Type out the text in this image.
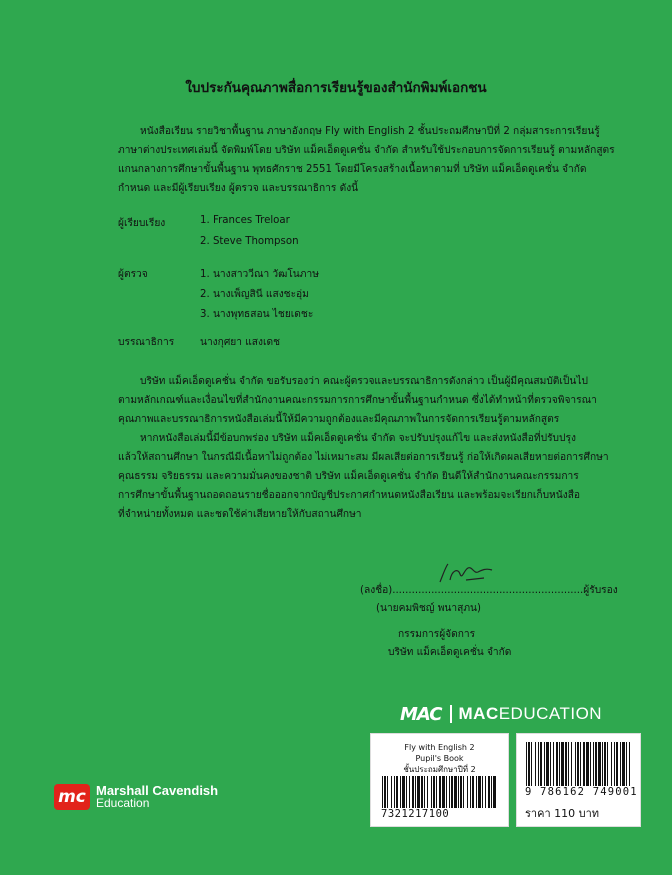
ใบประกันคุณภาพสื่อการเรียนรู้ของสำนักพิมพ์เอกชน
หนังสือเรียน รายวิชาพื้นฐาน ภาษาอังกฤษ Fly with English 2 ชั้นประถมศึกษาปีที่ 2 กลุ่มสาระการเรียนรู้
ภาษาต่างประเทศเล่มนี้ จัดพิมพ์โดย บริษัท แม็คเอ็ดดูเคชั่น จำกัด สำหรับใช้ประกอบการจัดการเรียนรู้ ตามหลักสูตร
แกนกลางการศึกษาขั้นพื้นฐาน พุทธศักราช 2551 โดยมีโครงสร้างเนื้อหาตามที่ บริษัท แม็คเอ็ดดูเคชั่น จำกัด
กำหนด และมีผู้เรียบเรียง ผู้ตรวจ และบรรณาธิการ ดังนี้
ผู้เรียบเรียง	1. Frances Treloar
2. Steve Thompson
ผู้ตรวจ	1. นางสาววีณา วัฒโนภาษ
2. นางเพ็ญสินี แสงชะอุ่ม
3. นางพุทธสอน ไชยเดชะ
บรรณาธิการ	นางกุศยา แสงเดช
บริษัท แม็คเอ็ดดูเคชั่น จำกัด ขอรับรองว่า คณะผู้ตรวจและบรรณาธิการดังกล่าว เป็นผู้มีคุณสมบัติเป็นไป
ตามหลักเกณฑ์และเงื่อนไขที่สำนักงานคณะกรรมการการศึกษาขั้นพื้นฐานกำหนด ซึ่งได้ทำหน้าที่ตรวจพิจารณา
คุณภาพและบรรณาธิการหนังสือเล่มนี้ให้มีความถูกต้องและมีคุณภาพในการจัดการเรียนรู้ตามหลักสูตร
หากหนังสือเล่มนี้มีข้อบกพร่อง บริษัท แม็คเอ็ดดูเคชั่น จำกัด จะปรับปรุงแก้ไข และส่งหนังสือที่ปรับปรุง
แล้วให้สถานศึกษา ในกรณีมีเนื้อหาไม่ถูกต้อง ไม่เหมาะสม มีผลเสียต่อการเรียนรู้ ก่อให้เกิดผลเสียหายต่อการศึกษา
คุณธรรม จริยธรรม และความมั่นคงของชาติ บริษัท แม็คเอ็ดดูเคชั่น จำกัด ยินดีให้สำนักงานคณะกรรมการ
การศึกษาขั้นพื้นฐานถอดถอนรายชื่อออกจากบัญชีประกาศกำหนดหนังสือเรียน และพร้อมจะเรียกเก็บหนังสือ
ที่จำหน่ายทั้งหมด และชดใช้ค่าเสียหายให้กับสถานศึกษา
(ลงชื่อ)...........................................................ผู้รับรอง
(นายคมพิชญ์ พนาสุภน)
กรรมการผู้จัดการ
บริษัท แม็คเอ็ดดูเคชั่น จำกัด
MAC MACEDUCATION
Fly with English 2
Pupil's Book
ชั้นประถมศึกษาปีที่ 2
7321217100
9 786162 749001
ราคา 110 บาท
mc Marshall Cavendish
Education
